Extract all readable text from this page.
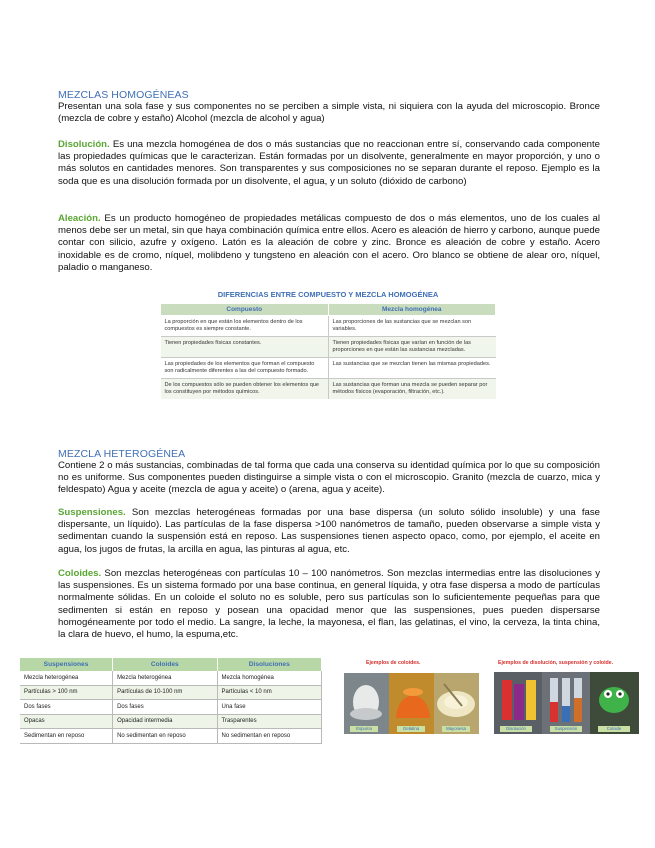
MEZCLAS HOMOGÉNEAS
Presentan una sola fase y sus componentes no se perciben a simple vista, ni siquiera con la ayuda del microscopio. Bronce (mezcla de cobre y estaño) Alcohol (mezcla de alcohol y agua)
Disolución. Es una mezcla homogénea de dos o más sustancias que no reaccionan entre sí, conservando cada componente las propiedades químicas que le caracterizan. Están formadas por un disolvente, generalmente en mayor proporción, y uno o más solutos en cantidades menores. Son transparentes y sus composiciones no se separan durante el reposo. Ejemplo es la soda que es una disolución formada por un disolvente, el agua, y un soluto (dióxido de carbono)
Aleación. Es un producto homogéneo de propiedades metálicas compuesto de dos o más elementos, uno de los cuales al menos debe ser un metal, sin que haya combinación química entre ellos. Acero es aleación de hierro y carbono, aunque puede contar con silicio, azufre y oxígeno. Latón es la aleación de cobre y zinc. Bronce es aleación de cobre y estaño. Acero inoxidable es de cromo, níquel, molibdeno y tungsteno en aleación con el acero. Oro blanco se obtiene de alear oro, níquel, paladio o manganeso.
DIFERENCIAS ENTRE COMPUESTO Y MEZCLA HOMOGÉNEA
Compuesto	Mezcla homogénea
La proporción en que están los elementos dentro de los compuestos es siempre constante.	Las proporciones de las sustancias que se mezclan son variables.
Tienen propiedades físicas constantes.	Tienen propiedades físicas que varían en función de las proporciones en que están las sustancias mezcladas.
Las propiedades de los elementos que forman el compuesto son radicalmente diferentes a las del compuesto formado.	Las sustancias que se mezclan tienen las mismas propiedades.
De los compuestos sólo se pueden obtener los elementos que los constituyen por métodos químicos.	Las sustancias que forman una mezcla se pueden separar por métodos físicos (evaporación, filtración, etc.).
MEZCLA HETEROGÉNEA
Contiene 2 o más sustancias, combinadas de tal forma que cada una conserva su identidad química por lo que su composición no es uniforme. Sus componentes pueden distinguirse a simple vista o con el microscopio. Granito (mezcla de cuarzo, mica y feldespato) Agua y aceite (mezcla de agua y aceite) o (arena, agua y aceite).
Suspensiones. Son mezclas heterogéneas formadas por una base dispersa (un soluto sólido insoluble) y una fase dispersante, un líquido). Las partículas de la fase dispersa >100 nanómetros de tamaño, pueden observarse a simple vista y sedimentan cuando la suspensión está en reposo. Las suspensiones tienen aspecto opaco, como, por ejemplo, el aceite en agua, los jugos de frutas, la arcilla en agua, las pinturas al agua, etc.
Coloides. Son mezclas heterogéneas con partículas 10 – 100 nanómetros. Son mezclas intermedias entre las disoluciones y las suspensiones. Es un sistema formado por una base continua, en general líquida, y otra fase dispersa a modo de partículas normalmente sólidas. En un coloide el soluto no es soluble, pero sus partículas son lo suficientemente pequeñas para que sedimenten si están en reposo y posean una opacidad menor que las suspensiones, pues pueden dispersarse homogéneamente por todo el medio. La sangre, la leche, la mayonesa, el flan, las gelatinas, el vino, la cerveza, la tinta china, la clara de huevo, el humo, la espuma,etc.
Suspensiones	Coloides	Disoluciones
Mezcla heterogénea	Mezcla heterogénea	Mezcla homogénea
Partículas > 100 nm	Partículas de 10-100 nm	Partículas < 10 nm
Dos fases	Dos fases	Una fase
Opacas	Opacidad intermedia	Trasparentes
Sedimentan en reposo	No sedimentan en reposo	No sedimentan en reposo
Ejemplos de coloides.
Espuma	Gelatina	Mayonesa
Ejemplos de disolución, suspensión y coloide.
Disolución	Suspensión	Coloide
